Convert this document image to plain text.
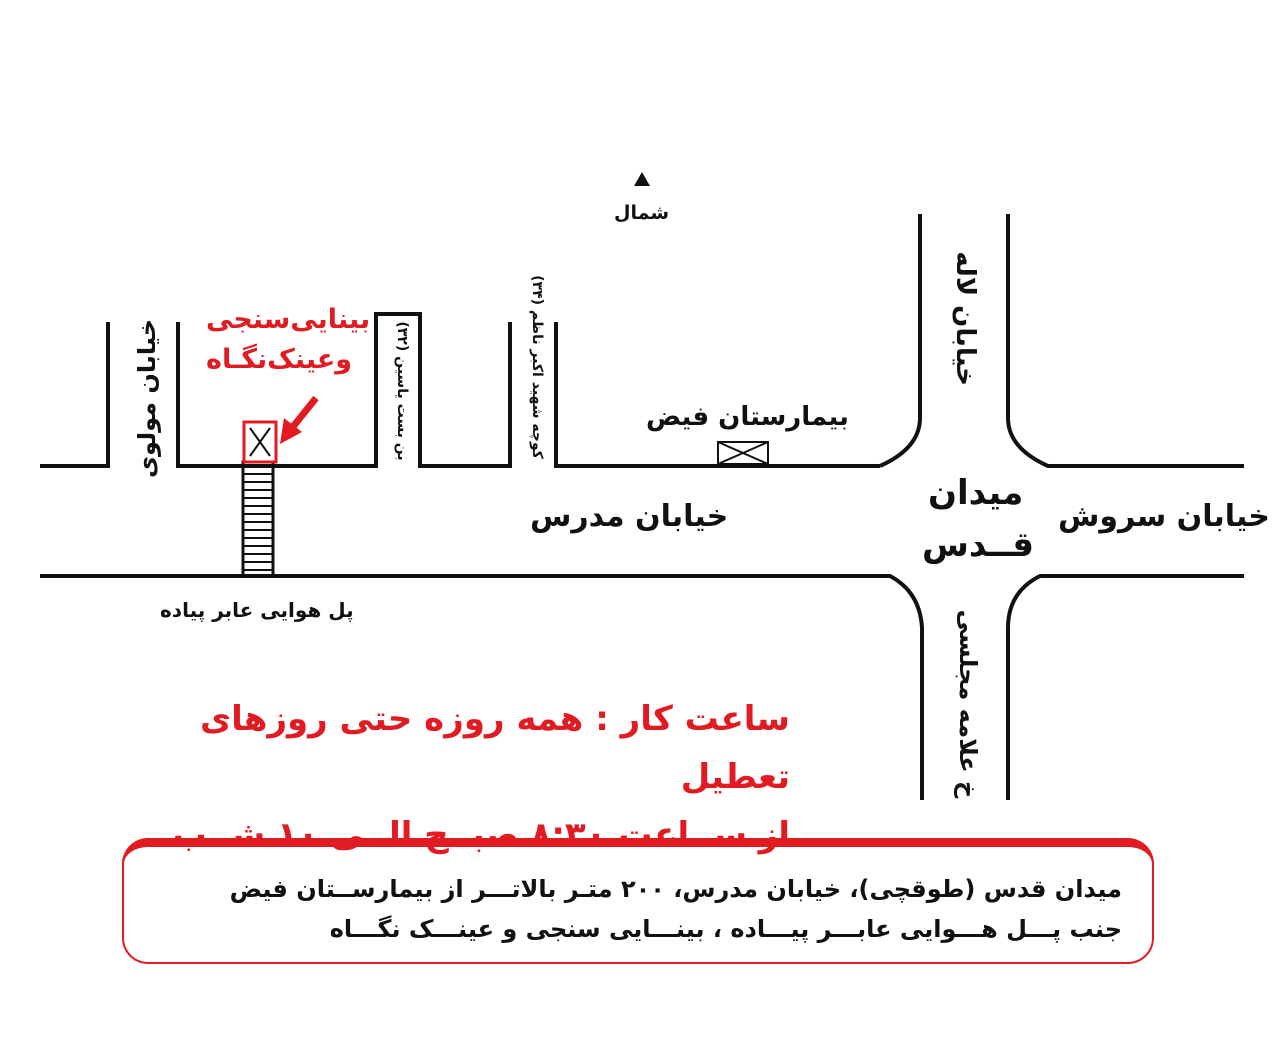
شمال
بینایی‌سنجی
وعینک‌نگـاه
بیمارستان فیض
خیابان مدرس	خیابان سروش
میدان
قــدس
پل هوایی عابر پیاده
خیابان مولوی
خیابان لاله
خ علامه مجلسی
بن بست یاسین (۳۲)
کوچه شهید اکبر ناظم (۳۴)
ساعت کار : همه روزه حتی روزهای تعطیل
از ســاعت ۸:۳۰ صبــح الــی ۱۰ شــب
میدان قدس (طوقچی)، خیابان مدرس، ۲۰۰ متـر بالاتـــر از بیمارســتان فیض
جنب پـــل هـــوایی عابـــر پیـــاده ، بینـــایی سنجی و عینـــک نگـــاه
